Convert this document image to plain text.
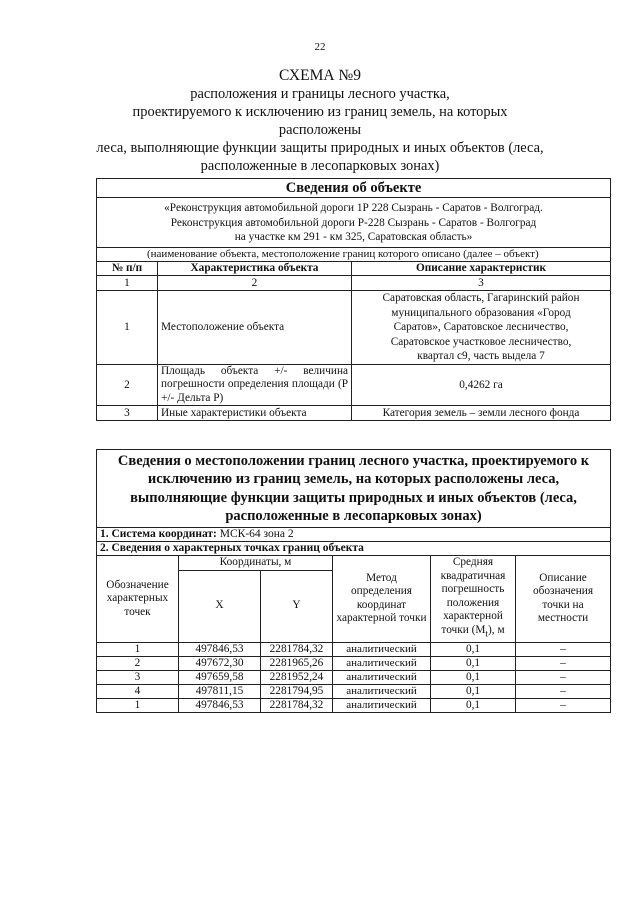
22
СХЕМА №9
расположения и границы лесного участка,
проектируемого к исключению из границ земель, на которых расположены
леса, выполняющие функции защиты природных и иных объектов (леса,
расположенные в лесопарковых зонах)
Сведения об объекте		

«Реконструкция автомобильной дороги 1Р 228 Сызрань - Саратов - Волгоград.
Реконструкция автомобильной дороги Р-228 Сызрань - Саратов - Волгоград
на участке км 291 - км 325, Саратовская область»		

(наименование объекта, местоположение границ которого описано (далее – объект)		
№ п/п	Характеристика объекта	Описание характеристик
1	2	3
1	Местоположение объекта	Саратовская область, Гагаринский район
муниципального образования «Город
Саратов», Саратовское лесничество,
Саратовское участковое лесничество,
квартал с9, часть выдела 7

2	Площадь объекта +/- величина погрешности определения площади (Р +/- Дельта Р)	0,4262 га
3	Иные характеристики объекта	Категория земель – земли лесного фонда
Сведения о местоположении границ лесного участка, проектируемого к исключению из границ земель, на которых расположены леса, выполняющие функции защиты природных и иных объектов (леса, расположенные в лесопарковых зонах)					
1. Система координат: МСК-64 зона 2					
2. Сведения о характерных точках границ объекта					
Обозначение характерных точек	Координаты, м		Метод определения координат характерной точки	Средняя квадратичная погрешность положения характерной точки $(M_t)$, м	Описание обозначения точки на местности
	X	Y			
1	497846,53	2281784,32	аналитический	0,1	–
2	497672,30	2281965,26	аналитический	0,1	–
3	497659,58	2281952,24	аналитический	0,1	–
4	497811,15	2281794,95	аналитический	0,1	–
1	497846,53	2281784,32	аналитический	0,1	–
